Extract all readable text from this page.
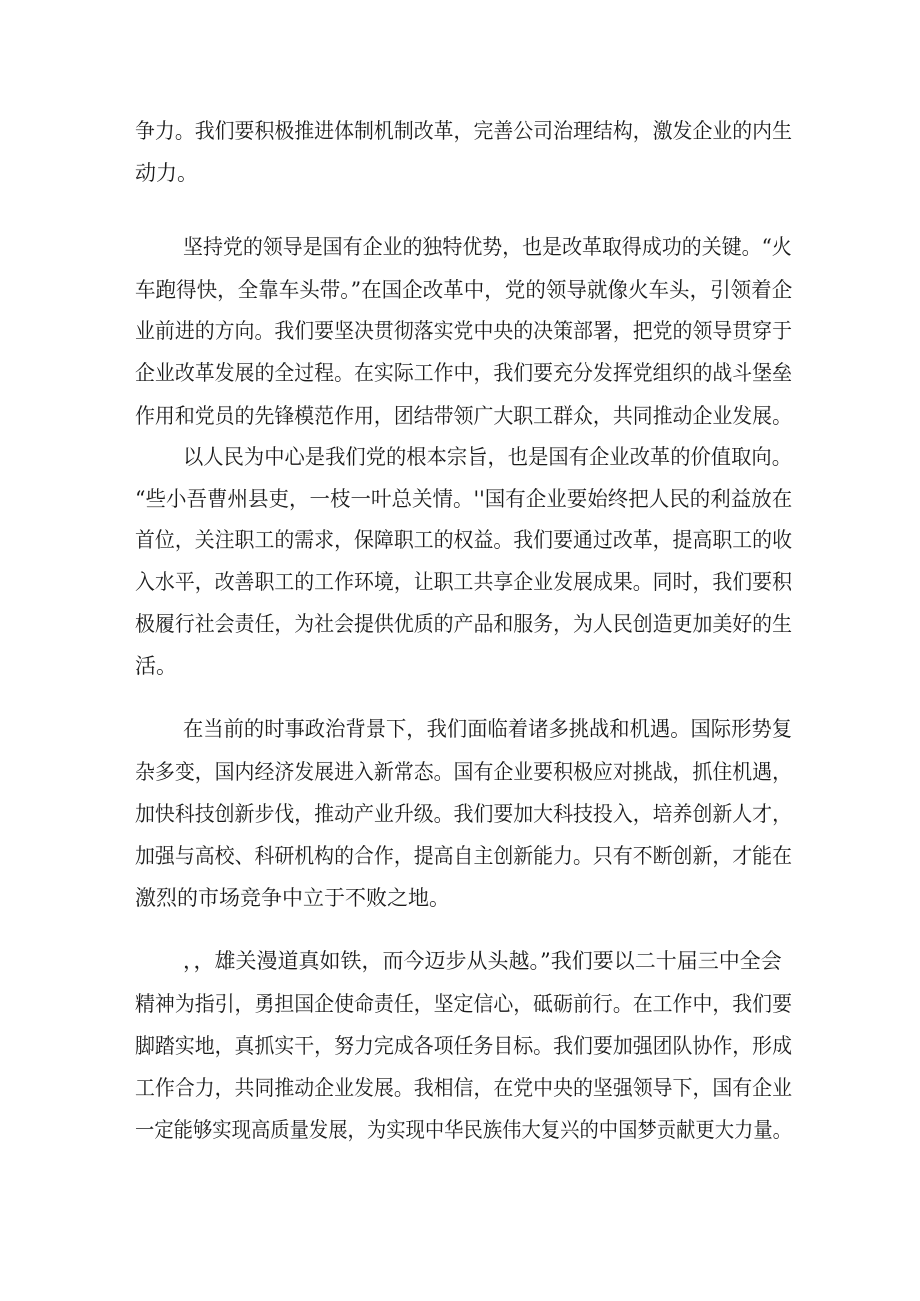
争力。我们要积极推进体制机制改革，完善公司治理结构，激发企业的内生

动力。

坚持党的领导是国有企业的独特优势，也是改革取得成功的关键。“火

车跑得快，全靠车头带。”在国企改革中，党的领导就像火车头，引领着企

业前进的方向。我们要坚决贯彻落实党中央的决策部署，把党的领导贯穿于

企业改革发展的全过程。在实际工作中，我们要充分发挥党组织的战斗堡垒

作用和党员的先锋模范作用，团结带领广大职工群众，共同推动企业发展。

以人民为中心是我们党的根本宗旨，也是国有企业改革的价值取向。

“些小吾曹州县吏，一枝一叶总关情。''国有企业要始终把人民的利益放在

首位，关注职工的需求，保障职工的权益。我们要通过改革，提高职工的收

入水平，改善职工的工作环境，让职工共享企业发展成果。同时，我们要积

极履行社会责任，为社会提供优质的产品和服务，为人民创造更加美好的生

活。

在当前的时事政治背景下，我们面临着诸多挑战和机遇。国际形势复

杂多变，国内经济发展进入新常态。国有企业要积极应对挑战，抓住机遇，

加快科技创新步伐，推动产业升级。我们要加大科技投入，培养创新人才，

加强与高校、科研机构的合作，提高自主创新能力。只有不断创新，才能在

激烈的市场竞争中立于不败之地。

，，雄关漫道真如铁，而今迈步从头越。”我们要以二十届三中全会

精神为指引，勇担国企使命责任，坚定信心，砥砺前行。在工作中，我们要

脚踏实地，真抓实干，努力完成各项任务目标。我们要加强团队协作，形成

工作合力，共同推动企业发展。我相信，在党中央的坚强领导下，国有企业

一定能够实现高质量发展，为实现中华民族伟大复兴的中国梦贡献更大力量。
